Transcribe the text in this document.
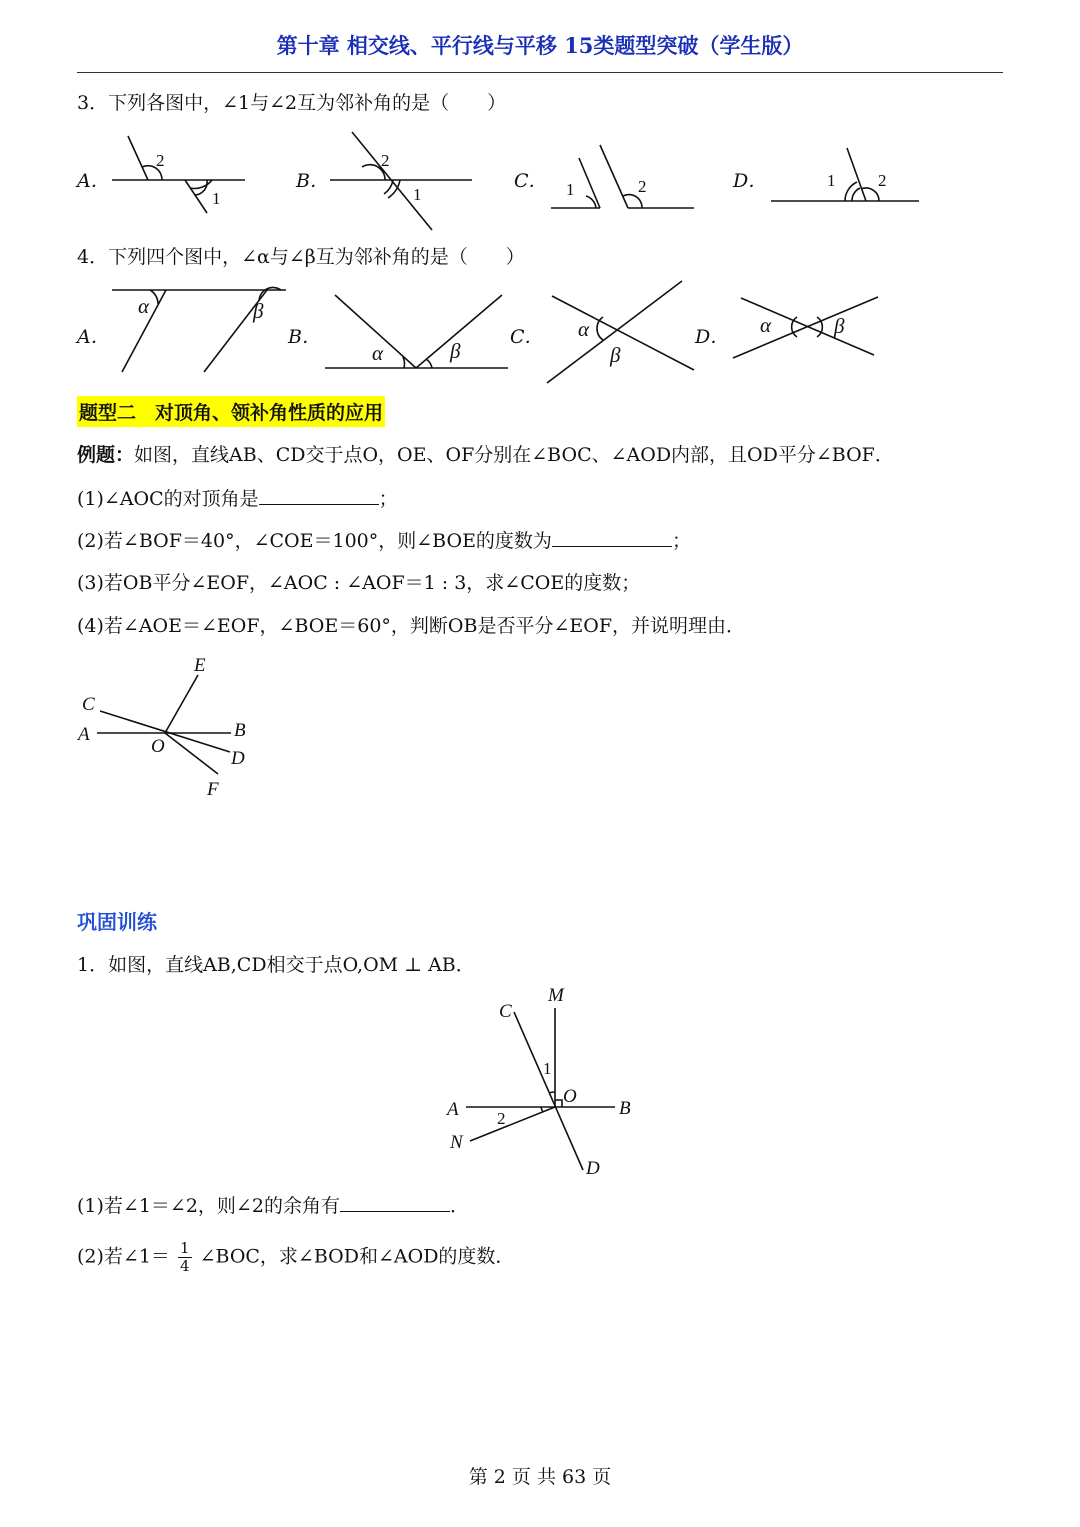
第十章 相交线、平行线与平移 15类题型突破（学生版）
3．下列各图中，∠1与∠2互为邻补角的是（　　）
A．	B．	C．	D．
2
1
2
1	1	2	1	2
α	β
α	β
α
β
α	β
E
C
A
O
B
D
F
M
C
O
A	B
N
D
1
2
4．下列四个图中，∠α与∠β互为邻补角的是（　　）
A．	B．	C．	D．
题型二　对顶角、领补角性质的应用
例题：如图，直线AB、CD交于点O，OE、OF分别在∠BOC、∠AOD内部，且OD平分∠BOF．
(1)∠AOC的对顶角是	；
(2)若∠BOF＝40°，∠COE＝100°，则∠BOE的度数为	；
(3)若OB平分∠EOF，∠AOC : ∠AOF＝1 : 3，求∠COE的度数；
(4)若∠AOE＝∠EOF，∠BOE＝60°，判断OB是否平分∠EOF，并说明理由．
巩固训练
1．如图，直线AB,CD相交于点O,OM ⊥ AB．
(1)若∠1＝∠2，则∠2的余角有	．
(2)若∠1＝ $\frac{1}{4}$ ∠BOC，求∠BOD和∠AOD的度数．
第 2 页 共 63 页
